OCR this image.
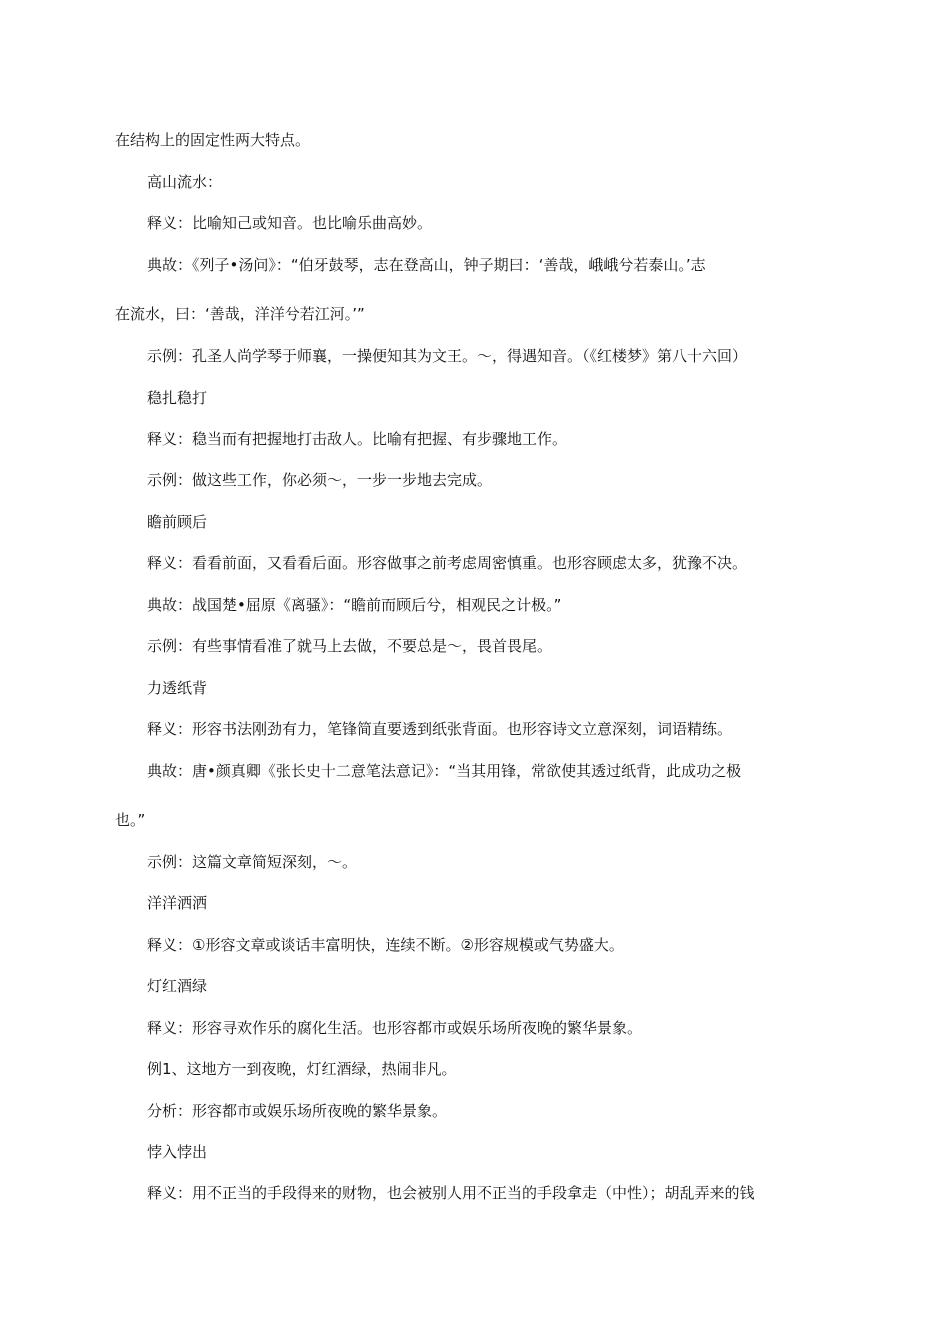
在结构上的固定性两大特点。
高山流水：
释义：比喻知己或知音。也比喻乐曲高妙。
典故：《列子•汤问》：“伯牙鼓琴，志在登高山，钟子期曰：‘善哉，峨峨兮若泰山。’志
在流水，曰：‘善哉，洋洋兮若江河。’”
示例：孔圣人尚学琴于师襄，一操便知其为文王。～，得遇知音。（《红楼梦》第八十六回）
稳扎稳打
释义：稳当而有把握地打击敌人。比喻有把握、有步骤地工作。
示例：做这些工作，你必须～，一步一步地去完成。
瞻前顾后
释义：看看前面，又看看后面。形容做事之前考虑周密慎重。也形容顾虑太多，犹豫不决。
典故：战国楚•屈原《离骚》：“瞻前而顾后兮，相观民之计极。”
示例：有些事情看准了就马上去做，不要总是～，畏首畏尾。
力透纸背
释义：形容书法刚劲有力，笔锋简直要透到纸张背面。也形容诗文立意深刻，词语精练。
典故：唐•颜真卿《张长史十二意笔法意记》：“当其用锋，常欲使其透过纸背，此成功之极
也。”
示例：这篇文章简短深刻，～。
洋洋洒洒
释义：①形容文章或谈话丰富明快，连续不断。②形容规模或气势盛大。
灯红酒绿
释义：形容寻欢作乐的腐化生活。也形容都市或娱乐场所夜晚的繁华景象。
例1、这地方一到夜晚，灯红酒绿，热闹非凡。
分析：形容都市或娱乐场所夜晚的繁华景象。
悖入悖出
释义：用不正当的手段得来的财物，也会被别人用不正当的手段拿走（中性）；胡乱弄来的钱
